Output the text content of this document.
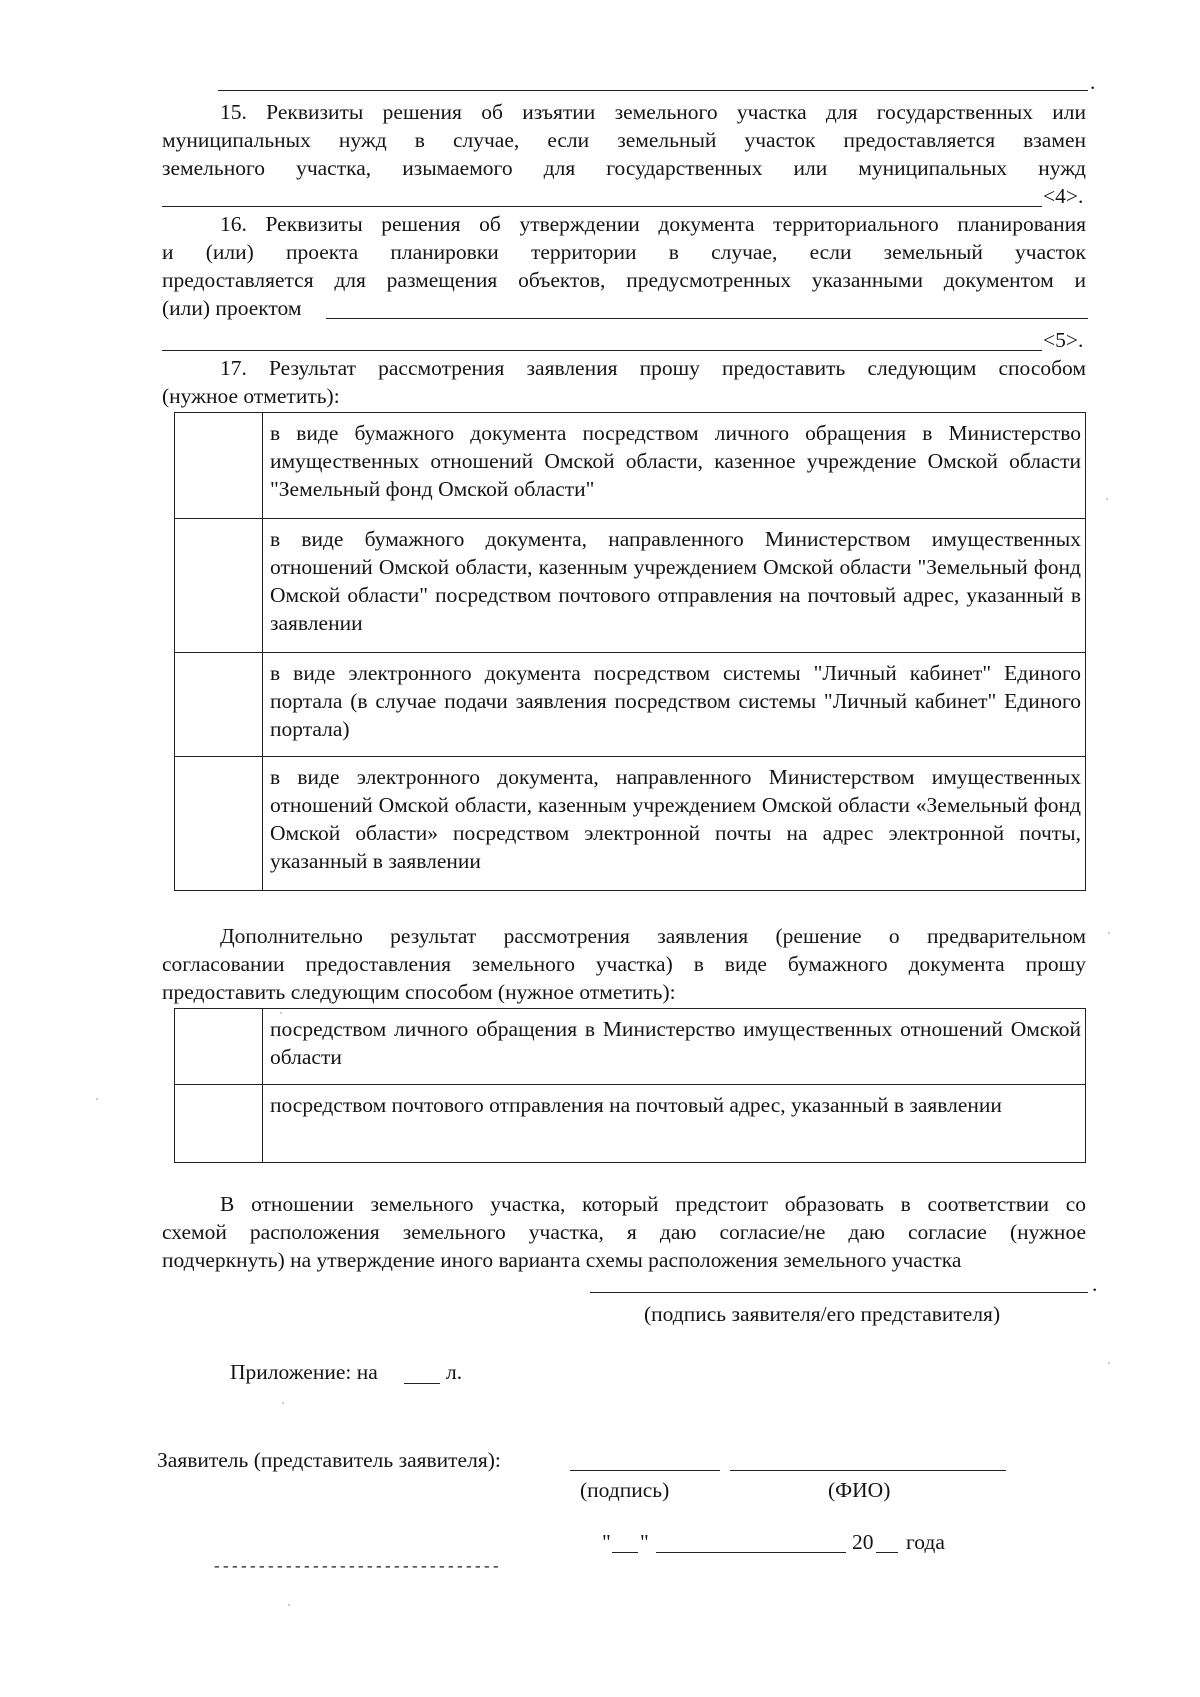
.
15. Реквизиты решения об изъятии земельного участка для государственных или
муниципальных нужд в случае, если земельный участок предоставляется взамен
земельного участка, изымаемого для государственных или муниципальных нужд
<4>.
16. Реквизиты решения об утверждении документа территориального планирования
и (или) проекта планировки территории в случае, если земельный участок
предоставляется для размещения объектов, предусмотренных указанными документом и
(или) проектом
<5>.
17. Результат рассмотрения заявления прошу предоставить следующим способом
(нужное отметить):
	в виде бумажного документа посредством личного обращения в Министерство имущественных отношений Омской области, казенное учреждение Омской области "Земельный фонд Омской области"
	в виде бумажного документа, направленного Министерством имущественных отношений Омской области, казенным учреждением Омской области "Земельный фонд Омской области" посредством почтового отправления на почтовый адрес, указанный в заявлении
	в виде электронного документа посредством системы "Личный кабинет" Единого портала (в случае подачи заявления посредством системы "Личный кабинет" Единого портала)
	в виде электронного документа, направленного Министерством имущественных отношений Омской области, казенным учреждением Омской области «Земельный фонд Омской области» посредством электронной почты на адрес электронной почты, указанный в заявлении
Дополнительно результат рассмотрения заявления (решение о предварительном
согласовании предоставления земельного участка) в виде бумажного документа прошу
предоставить следующим способом (нужное отметить):
	посредством личного обращения в Министерство имущественных отношений Омской области
	посредством почтового отправления на почтовый адрес, указанный в заявлении
В отношении земельного участка, который предстоит образовать в соответствии со
схемой расположения земельного участка, я даю согласие/не даю согласие (нужное
подчеркнуть) на утверждение иного варианта схемы расположения земельного участка
.
(подпись заявителя/его представителя)
Приложение: на	л.
Заявитель (представитель заявителя):
(подпись)	(ФИО)
" "	20 года
--------------------------------
